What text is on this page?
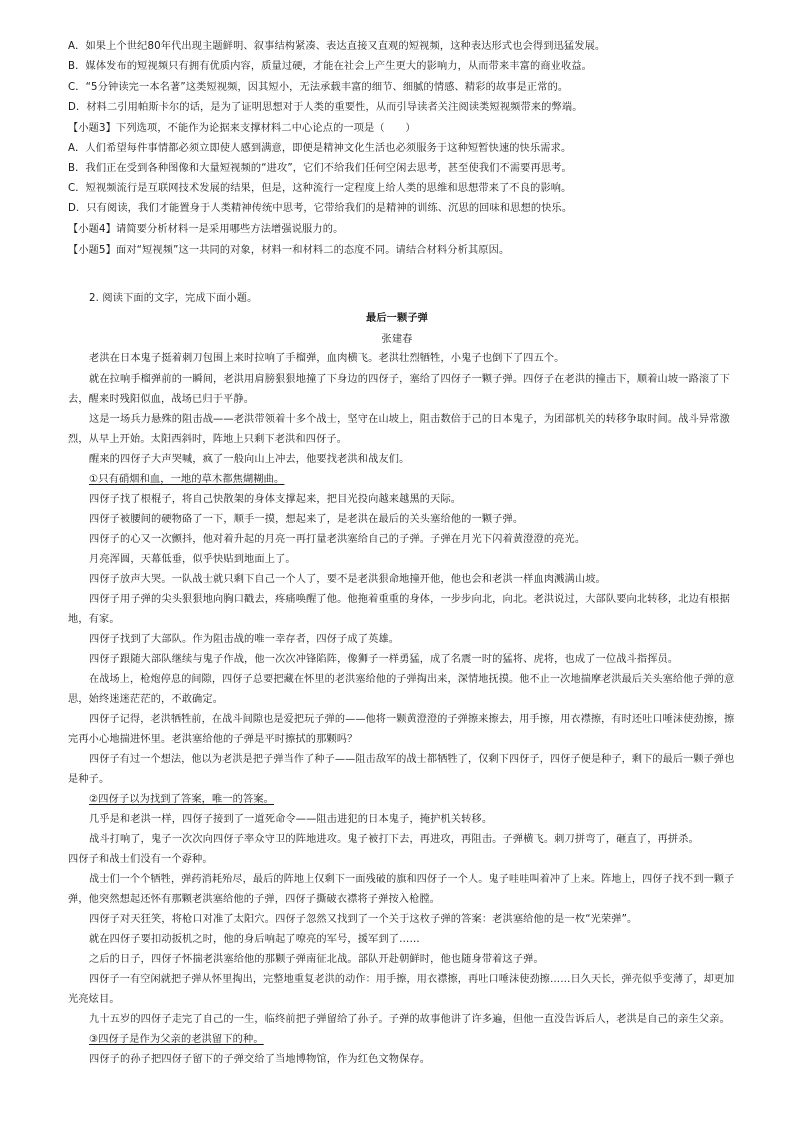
A．如果上个世纪80年代出现主题鲜明、叙事结构紧凑、表达直接又直观的短视频，这种表达形式也会得到迅猛发展。
B．媒体发布的短视频只有拥有优质内容，质量过硬，才能在社会上产生更大的影响力，从而带来丰富的商业收益。
C．“5分钟读完一本名著”这类短视频，因其短小，无法承载丰富的细节、细腻的情感、精彩的故事是正常的。
D．材料二引用帕斯卡尔的话，是为了证明思想对于人类的重要性，从而引导读者关注阅读类短视频带来的弊端。
【小题3】下列选项，不能作为论据来支撑材料二中心论点的一项是（　　）
A．人们希望每件事情都必须立即使人感到满意，即便是精神文化生活也必须服务于这种短暂快速的快乐需求。
B．我们正在受到各种图像和大量短视频的“进攻”，它们不给我们任何空闲去思考，甚至使我们不需要再思考。
C．短视频流行是互联网技术发展的结果，但是，这种流行一定程度上给人类的思维和思想带来了不良的影响。
D．只有阅读，我们才能置身于人类精神传统中思考，它带给我们的是精神的训练、沉思的回味和思想的快乐。
【小题4】请简要分析材料一是采用哪些方法增强说服力的。
【小题5】面对“短视频”这一共同的对象，材料一和材料二的态度不同。请结合材料分析其原因。
2. 阅读下面的文字，完成下面小题。
最后一颗子弹
张建春
老洪在日本鬼子挺着刺刀包围上来时拉响了手榴弹，血肉横飞。老洪壮烈牺牲，小鬼子也倒下了四五个。
就在拉响手榴弹前的一瞬间，老洪用肩膀狠狠地撞了下身边的四伢子，塞给了四伢子一颗子弹。四伢子在老洪的撞击下，顺着山坡一路滚了下
去，醒来时残阳似血，战场已归于平静。
这是一场兵力悬殊的阻击战——老洪带领着十多个战士，坚守在山坡上，阻击数倍于己的日本鬼子，为团部机关的转移争取时间。战斗异常激
烈，从早上开始。太阳西斜时，阵地上只剩下老洪和四伢子。
醒来的四伢子大声哭喊，疯了一般向山上冲去，他要找老洪和战友们。
①只有硝烟和血，一地的草木都焦煳糊曲。
四伢子找了根棍子，将自己快散架的身体支撑起来，把目光投向越来越黑的天际。
四伢子被腰间的硬物硌了一下，顺手一摸，想起来了，是老洪在最后的关头塞给他的一颗子弹。
四伢子的心又一次颤抖，他对着升起的月亮一再打量老洪塞给自己的子弹。子弹在月光下闪着黄澄澄的亮光。
月亮浑圆，天幕低垂，似乎快贴到地面上了。
四伢子放声大哭。一队战士就只剩下自己一个人了，要不是老洪狠命地撞开他，他也会和老洪一样血肉溅满山坡。
四伢子用子弹的尖头狠狠地向胸口戳去，疼痛唤醒了他。他拖着重重的身体，一步步向北，向北。老洪说过，大部队要向北转移，北边有根据
地，有家。
四伢子找到了大部队。作为阻击战的唯一幸存者，四伢子成了英雄。
四伢子跟随大部队继续与鬼子作战，他一次次冲锋陷阵，像狮子一样勇猛，成了名震一时的猛将、虎将，也成了一位战斗指挥员。
在战场上，枪炮停息的间隙，四伢子总要把藏在怀里的老洪塞给他的子弹掏出来，深情地抚摸。他不止一次地揣摩老洪最后关头塞给他子弹的意
思，始终迷迷茫茫的，不敢确定。
四伢子记得，老洪牺牲前，在战斗间隙也是爱把玩子弹的——他将一颗黄澄澄的子弹擦来擦去，用手擦，用衣襟擦，有时还吐口唾沫使劲擦，擦
完再小心地揣进怀里。老洪塞给他的子弹是平时擦拭的那颗吗？
四伢子有过一个想法，他以为老洪是把子弹当作了种子——阻击敌军的战士都牺牲了，仅剩下四伢子，四伢子便是种子，剩下的最后一颗子弹也
是种子。
②四伢子以为找到了答案，唯一的答案。
几乎是和老洪一样，四伢子接到了一道死命令——阻击进犯的日本鬼子，掩护机关转移。
战斗打响了，鬼子一次次向四伢子率众守卫的阵地进攻。鬼子被打下去，再进攻，再阻击。子弹横飞。刺刀拼弯了，砸直了，再拼杀。
四伢子和战士们没有一个孬种。
战士们一个个牺牲，弹药消耗殆尽，最后的阵地上仅剩下一面残破的旗和四伢子一个人。鬼子哇哇叫着冲了上来。阵地上，四伢子找不到一颗子
弹，他突然想起还怀有那颗老洪塞给他的子弹，四伢子撕破衣襟将子弹按入枪膛。
四伢子对天狂笑，将枪口对准了太阳穴。四伢子忽然又找到了一个关于这枚子弹的答案：老洪塞给他的是一枚“光荣弹”。
就在四伢子要扣动扳机之时，他的身后响起了嘹亮的军号，援军到了……
之后的日子，四伢子怀揣老洪塞给他的那颗子弹南征北战。部队开赴朝鲜时，他也随身带着这子弹。
四伢子一有空闲就把子弹从怀里掏出，完整地重复老洪的动作：用手擦，用衣襟擦，再吐口唾沫使劲擦……日久天长，弹壳似乎变薄了，却更加
光亮炫目。
九十五岁的四伢子走完了自己的一生，临终前把子弹留给了孙子。子弹的故事他讲了许多遍，但他一直没告诉后人，老洪是自己的亲生父亲。
③四伢子是作为父亲的老洪留下的种。
四伢子的孙子把四伢子留下的子弹交给了当地博物馆，作为红色文物保存。
